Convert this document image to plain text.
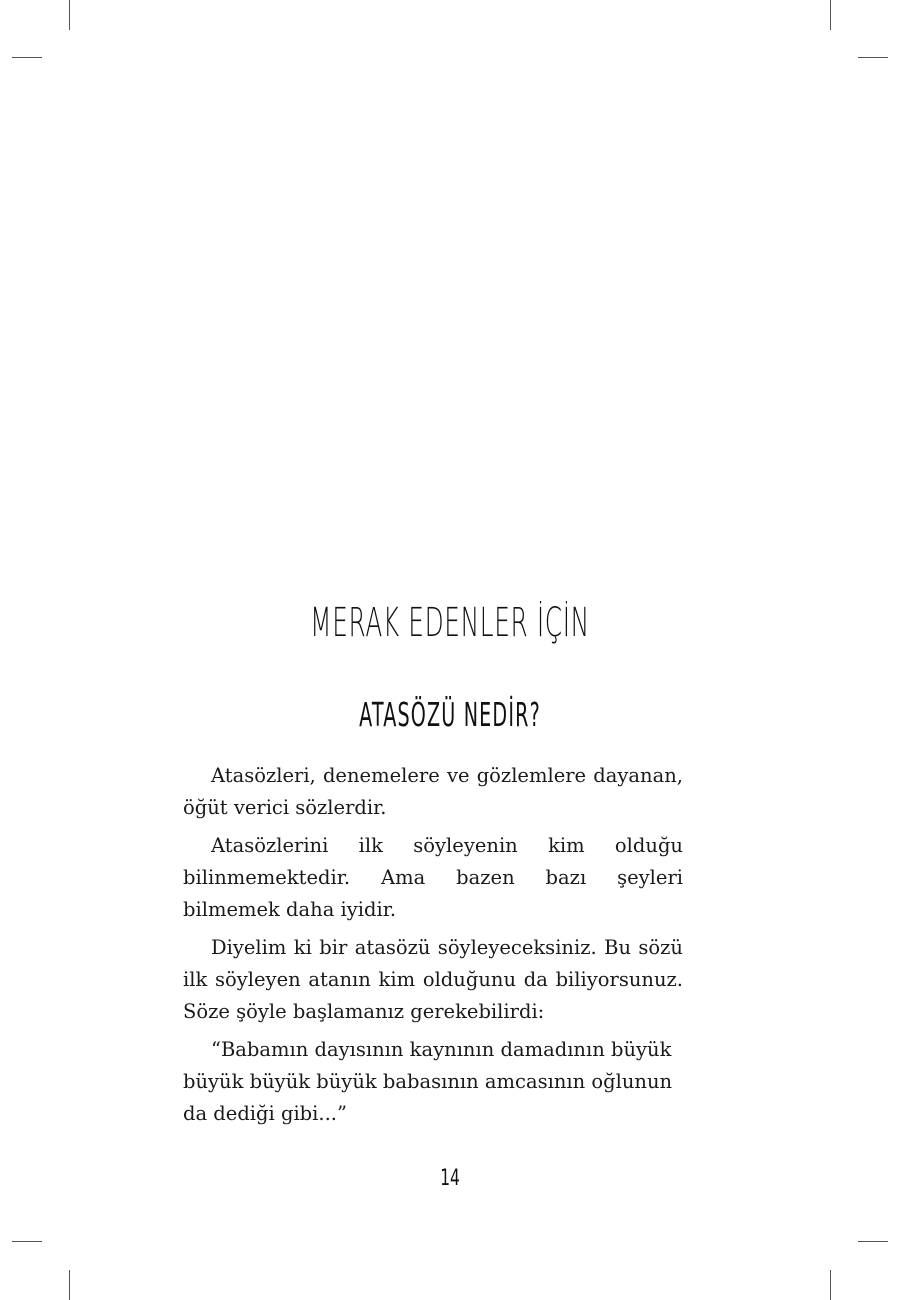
MERAK EDENLER İÇİN
ATASÖZÜ NEDİR?

Atasözleri, denemelere ve gözlemlere dayanan, öğüt verici sözlerdir.

Atasözlerini ilk söyleyenin kim olduğu bilinmemektedir. Ama bazen bazı şeyleri bilmemek daha iyidir.

Diyelim ki bir atasözü söyleyeceksiniz. Bu sözü ilk söyleyen atanın kim olduğunu da biliyorsunuz. Söze şöyle başlamanız gerekebilirdi:

“Babamın dayısının kaynının damadının büyük büyük büyük büyük babasının amcasının oğlunun da dediği gibi...”

14
